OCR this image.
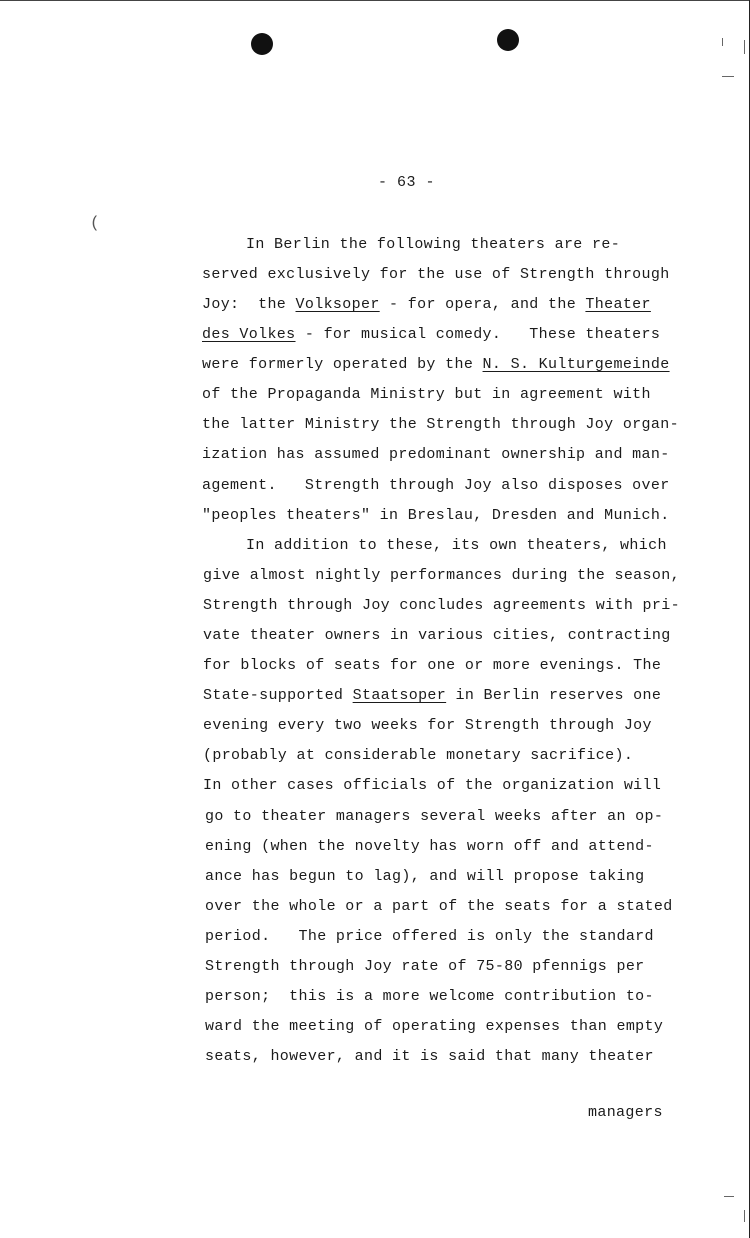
(
- 63 -
In Berlin the following theaters are re-
served exclusively for the use of Strength through
Joy:  the Volksoper - for opera, and the Theater
des Volkes - for musical comedy.   These theaters
were formerly operated by the N. S. Kulturgemeinde
of the Propaganda Ministry but in agreement with
the latter Ministry the Strength through Joy organ-
ization has assumed predominant ownership and man-
agement.   Strength through Joy also disposes over
"peoples theaters" in Breslau, Dresden and Munich.
In addition to these, its own theaters, which
give almost nightly performances during the season,
Strength through Joy concludes agreements with pri-
vate theater owners in various cities, contracting
for blocks of seats for one or more evenings. The
State-supported Staatsoper in Berlin reserves one
evening every two weeks for Strength through Joy
(probably at considerable monetary sacrifice).
In other cases officials of the organization will
go to theater managers several weeks after an op-
ening (when the novelty has worn off and attend-
ance has begun to lag), and will propose taking
over the whole or a part of the seats for a stated
period.   The price offered is only the standard
Strength through Joy rate of 75-80 pfennigs per
person;  this is a more welcome contribution to-
ward the meeting of operating expenses than empty
seats, however, and it is said that many theater
managers
